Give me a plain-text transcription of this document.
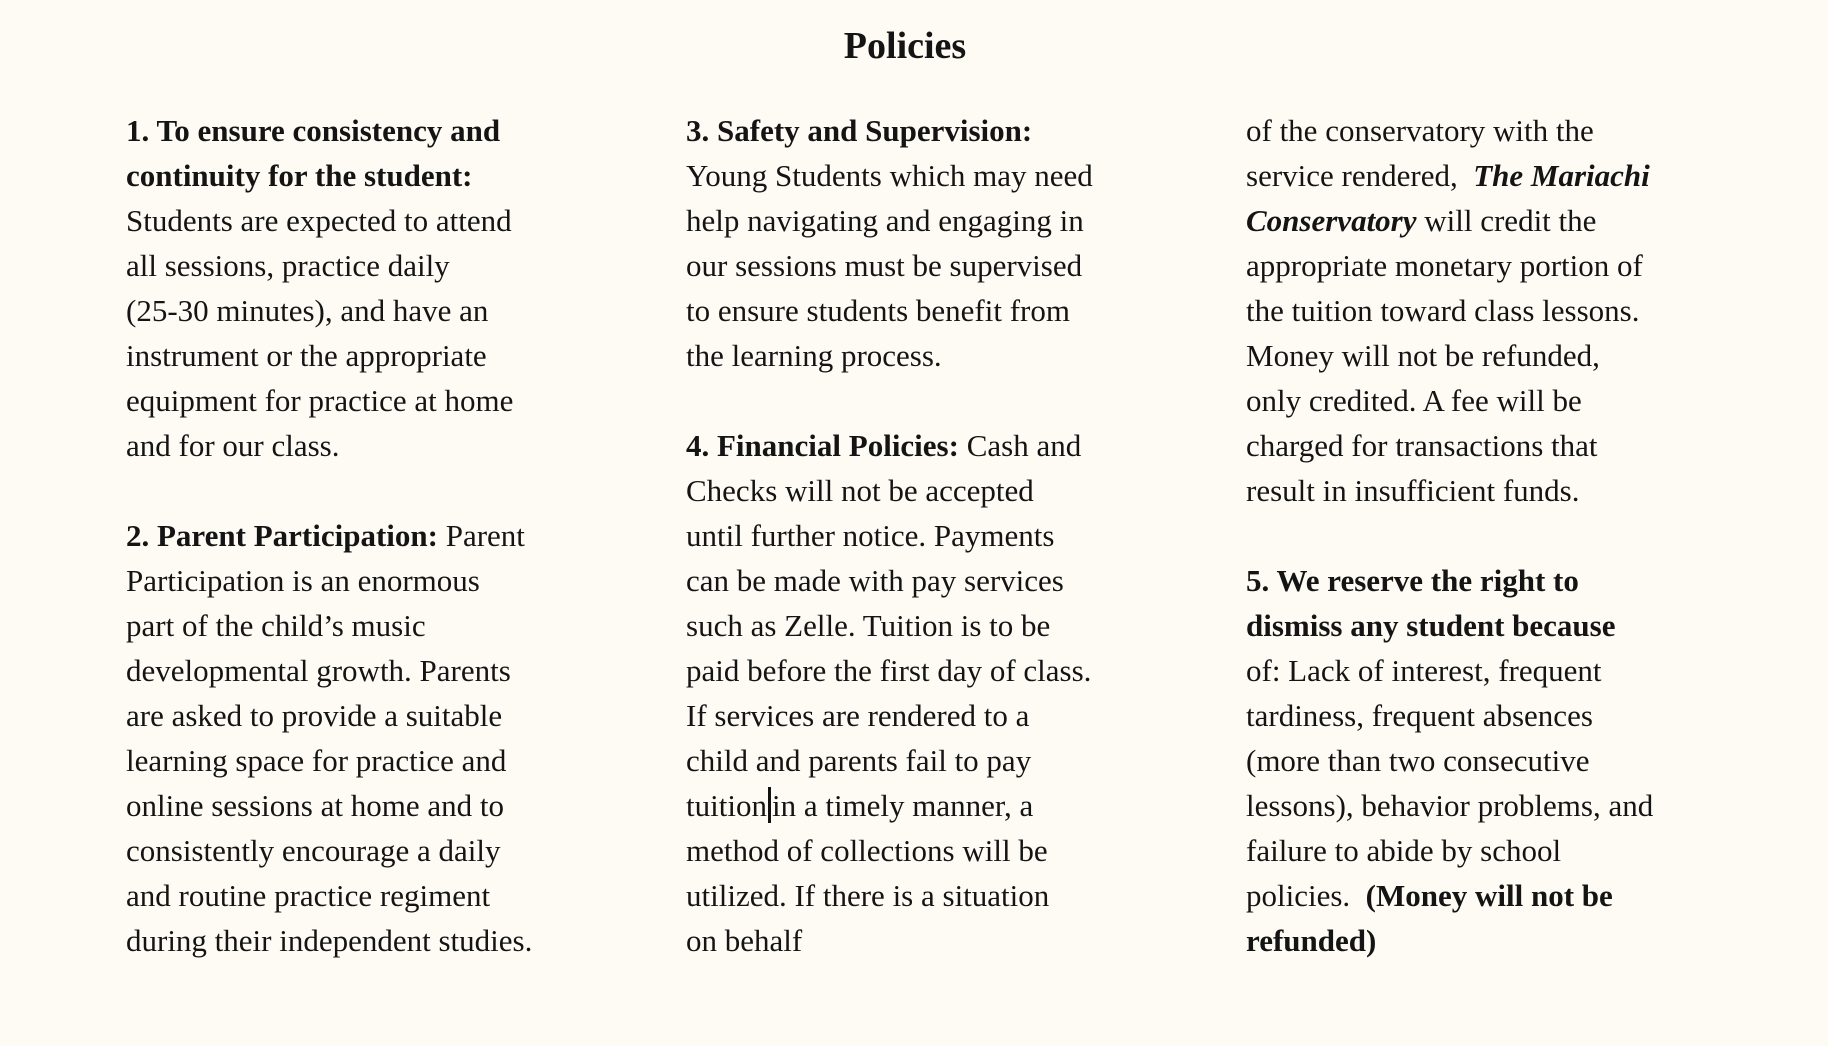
Policies
1. To ensure consistency and
continuity for the student:
Students are expected to attend
all sessions, practice daily
(25-30 minutes), and have an
instrument or the appropriate
equipment for practice at home
and for our class.
2. Parent Participation: Parent
Participation is an enormous
part of the child’s music
developmental growth. Parents
are asked to provide a suitable
learning space for practice and
online sessions at home and to
consistently encourage a daily
and routine practice regiment
during their independent studies.
3. Safety and Supervision:
Young Students which may need
help navigating and engaging in
our sessions must be supervised
to ensure students benefit from
the learning process.
4. Financial Policies: Cash and
Checks will not be accepted
until further notice. Payments
can be made with pay services
such as Zelle. Tuition is to be
paid before the first day of class.
If services are rendered to a
child and parents fail to pay
tuition in a timely manner, a
method of collections will be
utilized. If there is a situation
on behalf
of the conservatory with the
service rendered,  The Mariachi
Conservatory will credit the
appropriate monetary portion of
the tuition toward class lessons.
Money will not be refunded,
only credited. A fee will be
charged for transactions that
result in insufficient funds.
5. We reserve the right to
dismiss any student because
of: Lack of interest, frequent
tardiness, frequent absences
(more than two consecutive
lessons), behavior problems, and
failure to abide by school
policies.  (Money will not be
refunded)
